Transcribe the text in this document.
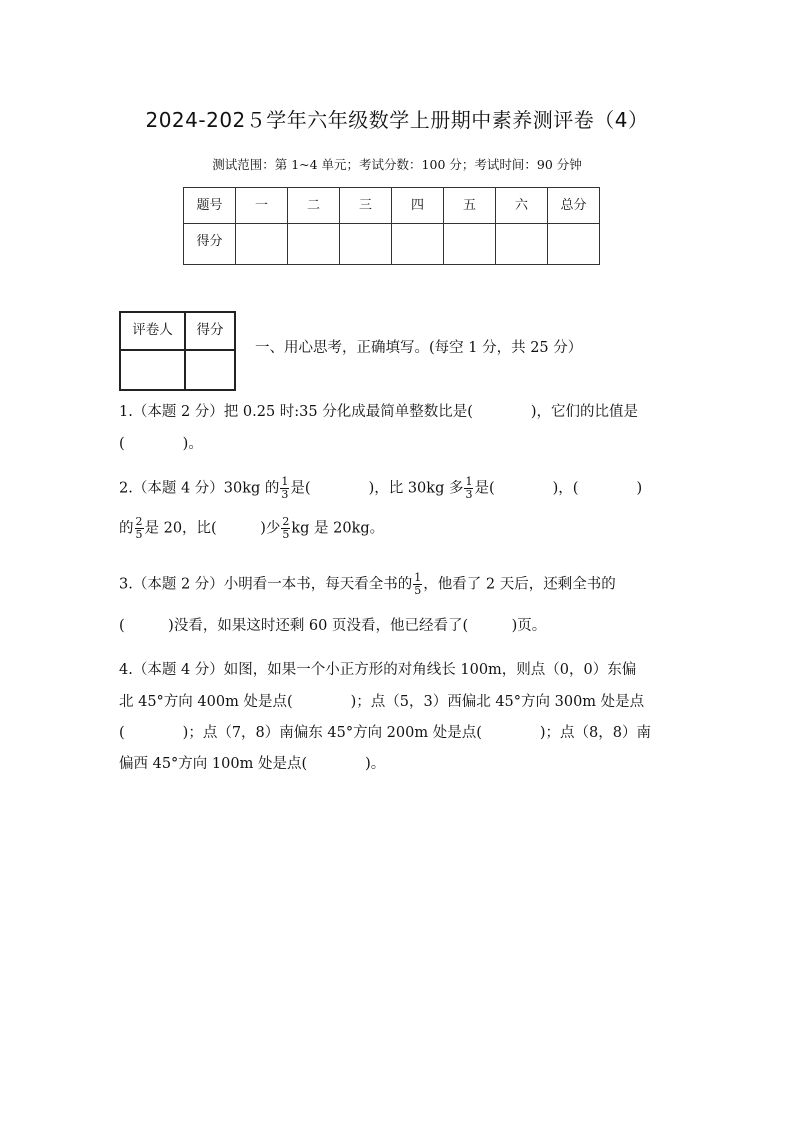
2024-202５学年六年级数学上册期中素养测评卷（4）
测试范围：第 1~4 单元；考试分数：100 分；考试时间：90 分钟
题号	一	二	三	四	五	六	总分
得分							
评卷人	得分

一、用心思考，正确填写。(每空 1 分，共 25 分）
1.（本题 2 分）把 0.25 时:35 分化成最简单整数比是(　　　　)，它们的比值是
(　　　　)。
2.（本题 4 分）30kg 的 $\frac{1}{3}$ 是(　　　　)，比 30kg 多 $\frac{1}{3}$ 是(　　　　)，(　　　　)
的 $\frac{2}{5}$ 是 20，比(　　　)少 $\frac{2}{5}$ kg 是 20kg。
3.（本题 2 分）小明看一本书，每天看全书的 $\frac{1}{5}$ ，他看了 2 天后，还剩全书的
(　　　)没看，如果这时还剩 60 页没看，他已经看了(　　　)页。
4.（本题 4 分）如图，如果一个小正方形的对角线长 100m，则点（0，0）东偏
北 45°方向 400m 处是点(　　　　)；点（5，3）西偏北 45°方向 300m 处是点
(　　　　)；点（7，8）南偏东 45°方向 200m 处是点(　　　　)；点（8，8）南
偏西 45°方向 100m 处是点(　　　　)。
